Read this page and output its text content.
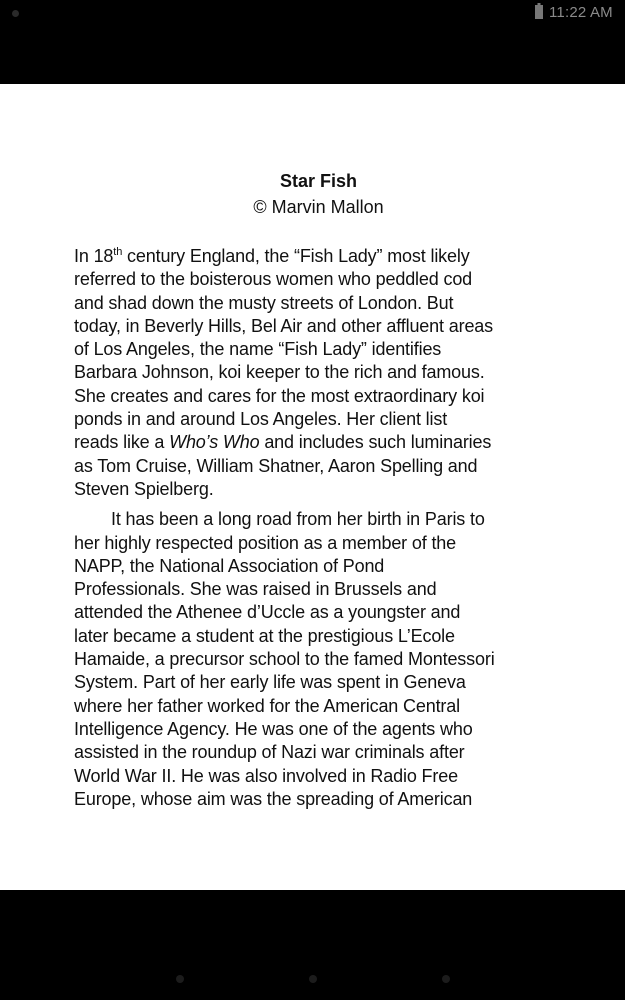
11:22 AM
Star Fish
© Marvin Mallon
In 18th century England, the “Fish Lady” most likely
referred to the boisterous women who peddled cod
and shad down the musty streets of London. But
today, in Beverly Hills, Bel Air and other affluent areas
of Los Angeles, the name “Fish Lady” identifies
Barbara Johnson, koi keeper to the rich and famous.
She creates and cares for the most extraordinary koi
ponds in and around Los Angeles. Her client list
reads like a Who’s Who and includes such luminaries
as Tom Cruise, William Shatner, Aaron Spelling and
Steven Spielberg.
It has been a long road from her birth in Paris to
her highly respected position as a member of the
NAPP, the National Association of Pond
Professionals. She was raised in Brussels and
attended the Athenee d’Uccle as a youngster and
later became a student at the prestigious L’Ecole
Hamaide, a precursor school to the famed Montessori
System. Part of her early life was spent in Geneva
where her father worked for the American Central
Intelligence Agency. He was one of the agents who
assisted in the roundup of Nazi war criminals after
World War II. He was also involved in Radio Free
Europe, whose aim was the spreading of American
